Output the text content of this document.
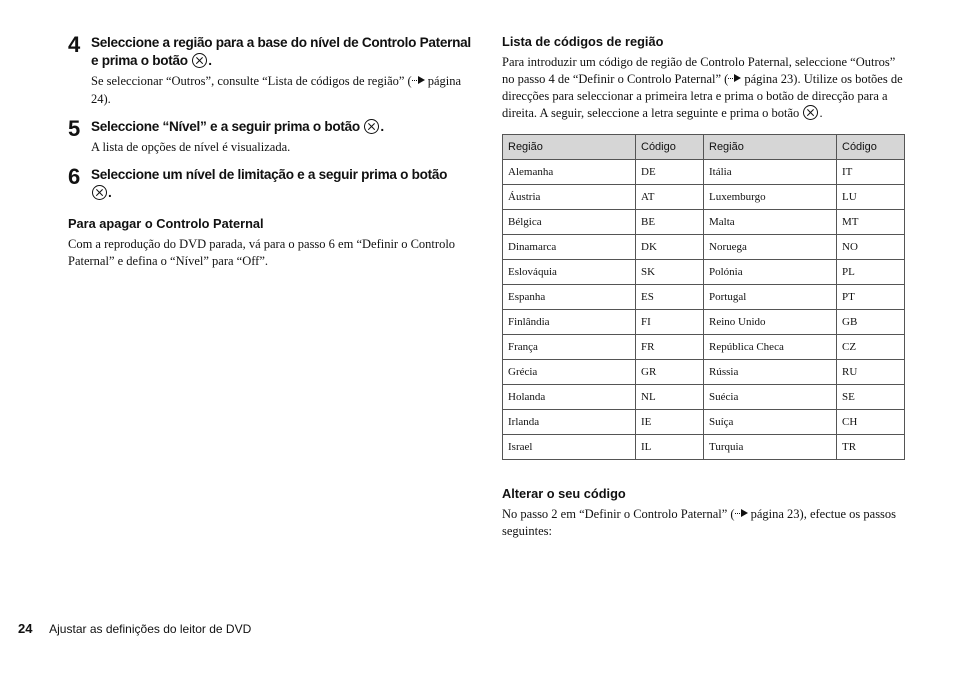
4 Seleccione a região para a base do nível de Controlo Paternal e prima o botão .
Se seleccionar “Outros”, consulte “Lista de códigos de região” ( página 24).
5 Seleccione “Nível” e a seguir prima o botão .
A lista de opções de nível é visualizada.
6 Seleccione um nível de limitação e a seguir prima o botão
.
Para apagar o Controlo Paternal

Com a reprodução do DVD parada, vá para o passo 6 em “Definir o Controlo Paternal” e defina o “Nível” para “Off”.

Lista de códigos de região

Para introduzir um código de região de Controlo Paternal, seleccione “Outros” no passo 4 de “Definir o Controlo Paternal” ( página 23). Utilize os botões de direcções para seleccionar a primeira letra e prima o botão de direcção para a direita. A seguir, seleccione a letra seguinte e prima o botão .

Região	Código	Região	Código
Alemanha	DE	Itália	IT
Áustria	AT	Luxemburgo	LU
Bélgica	BE	Malta	MT
Dinamarca	DK	Noruega	NO
Eslováquia	SK	Polónia	PL
Espanha	ES	Portugal	PT
Finlândia	FI	Reino Unido	GB
França	FR	República Checa	CZ
Grécia	GR	Rússia	RU
Holanda	NL	Suécia	SE
Irlanda	IE	Suíça	CH
Israel	IL	Turquia	TR
Alterar o seu código

No passo 2 em “Definir o Controlo Paternal” ( página 23), efectue os passos seguintes:

24 Ajustar as definições do leitor de DVD
